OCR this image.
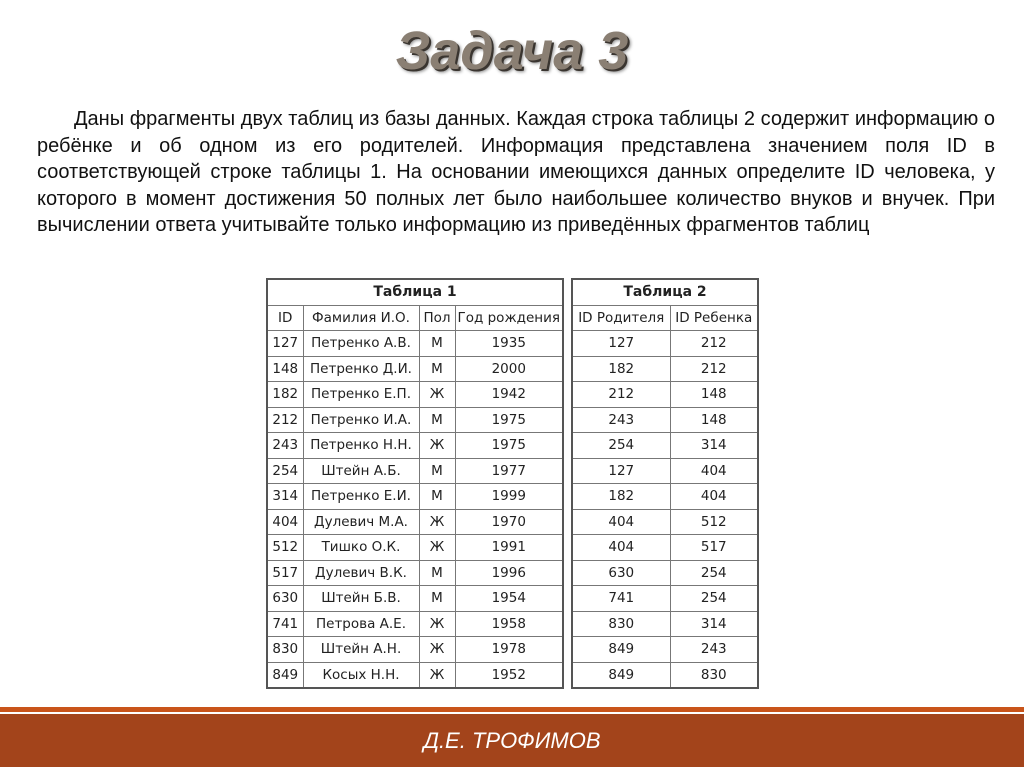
Задача 3
Даны фрагменты двух таблиц из базы данных. Каждая строка таблицы 2 содержит информацию о ребёнке и об одном из его родителей. Информация представлена значением поля ID в соответствующей строке таблицы 1. На основании имеющихся данных определите ID человека, у которого в момент достижения 50 полных лет было наибольшее количество внуков и внучек. При вычислении ответа учитывайте только информацию из приведённых фрагментов таблиц
Таблица 1			
ID	Фамилия И.О.	Пол	Год рождения
127	Петренко А.В.	М	1935
148	Петренко Д.И.	М	2000
182	Петренко Е.П.	Ж	1942
212	Петренко И.А.	М	1975
243	Петренко Н.Н.	Ж	1975
254	Штейн А.Б.	М	1977
314	Петренко Е.И.	М	1999
404	Дулевич М.А.	Ж	1970
512	Тишко О.К.	Ж	1991
517	Дулевич В.К.	М	1996
630	Штейн Б.В.	М	1954
741	Петрова А.Е.	Ж	1958
830	Штейн А.Н.	Ж	1978
849	Косых Н.Н.	Ж	1952
Таблица 2	
ID Родителя	ID Ребенка
127	212
182	212
212	148
243	148
254	314
127	404
182	404
404	512
404	517
630	254
741	254
830	314
849	243
849	830
Д.Е. ТРОФИМОВ
